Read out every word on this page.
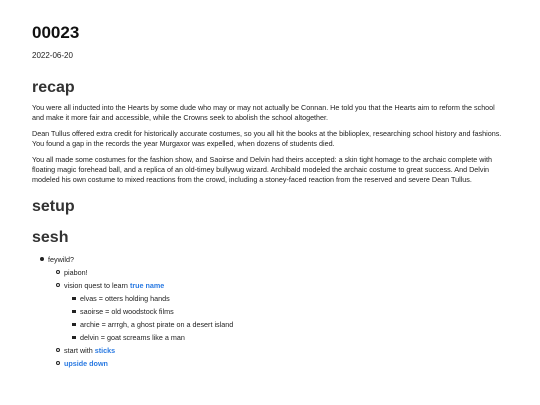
00023
2022-06-20
recap

You were all inducted into the Hearts by some dude who may or may not actually be Connan. He told you that the Hearts aim to reform the school and make it more fair and accessible, while the Crowns seek to abolish the school altogether.

Dean Tullus offered extra credit for historically accurate costumes, so you all hit the books at the biblioplex, researching school history and fashions. You found a gap in the records the year Murgaxor was expelled, when dozens of students died.

You all made some costumes for the fashion show, and Saoirse and Delvin had theirs accepted: a skin tight homage to the archaic complete with floating magic forehead ball, and a replica of an old-timey bullywug wizard. Archibald modeled the archaic costume to great success. And Delvin modeled his own costume to mixed reactions from the crowd, including a stoney-faced reaction from the reserved and severe Dean Tullus.

setup
sesh
feywild?
piabon!
vision quest to learn true name
elvas = otters holding hands
saoirse = old woodstock films
archie = arrrgh, a ghost pirate on a desert island
delvin = goat screams like a man
start with sticks
upside down
